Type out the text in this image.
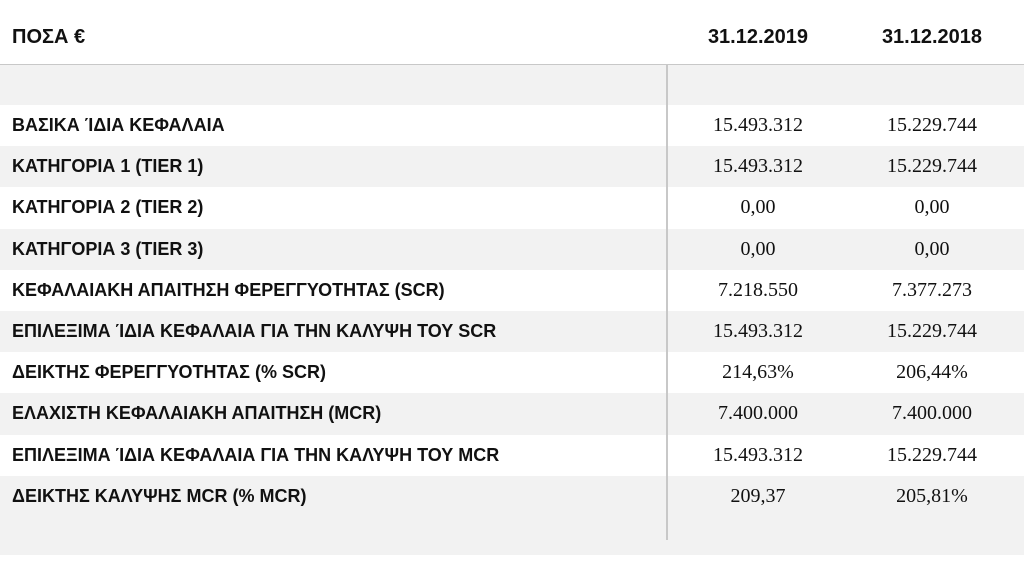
ΠΟΣΑ €	31.12.2019	31.12.2018
ΒΑΣΙΚΑ ΊΔΙΑ ΚΕΦΑΛΑΙΑ	15.493.312	15.229.744
ΚΑΤΗΓΟΡΙΑ 1 (TIER 1)	15.493.312	15.229.744
ΚΑΤΗΓΟΡΙΑ 2 (TIER 2)	0,00	0,00
ΚΑΤΗΓΟΡΙΑ 3 (TIER 3)	0,00	0,00
ΚΕΦΑΛΑΙΑΚΗ ΑΠΑΙΤΗΣΗ ΦΕΡΕΓΓΥΟΤΗΤΑΣ (SCR)	7.218.550	7.377.273
ΕΠΙΛΕΞΙΜΑ ΊΔΙΑ ΚΕΦΑΛΑΙΑ ΓΙΑ ΤΗΝ ΚΑΛΥΨΗ ΤΟΥ SCR	15.493.312	15.229.744
ΔΕΙΚΤΗΣ ΦΕΡΕΓΓΥΟΤΗΤΑΣ (% SCR)	214,63%	206,44%
ΕΛΑΧΙΣΤΗ ΚΕΦΑΛΑΙΑΚΗ ΑΠΑΙΤΗΣΗ (MCR)	7.400.000	7.400.000
ΕΠΙΛΕΞΙΜΑ ΊΔΙΑ ΚΕΦΑΛΑΙΑ ΓΙΑ ΤΗΝ ΚΑΛΥΨΗ ΤΟΥ MCR	15.493.312	15.229.744
ΔΕΙΚΤΗΣ ΚΑΛΥΨΗΣ MCR (% MCR)	209,37	205,81%
